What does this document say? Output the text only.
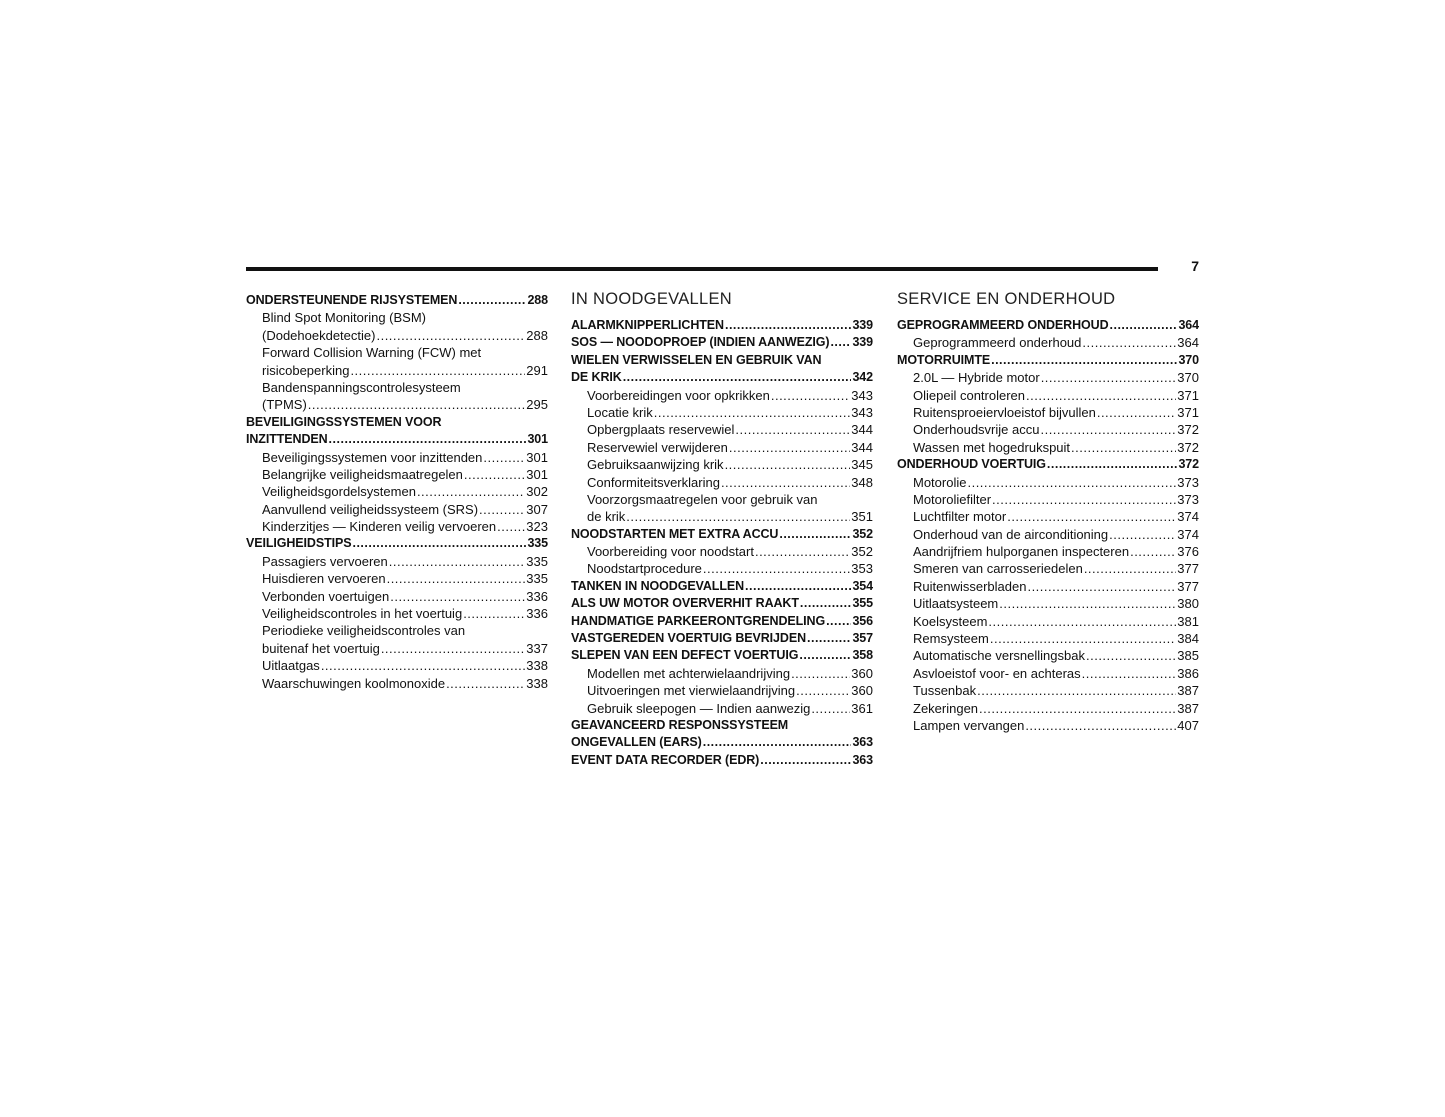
7
ONDERSTEUNENDE RIJSYSTEMEN .....	288
Blind Spot Monitoring (BSM)
(Dodehoekdetectie) .....	288
Forward Collision Warning (FCW) met
risicobeperking .....	291
Bandenspanningscontrolesysteem
(TPMS) .....	295
BEVEILIGINGSSYSTEMEN VOOR
INZITTENDEN .....	301
Beveiligingssystemen voor inzittenden .....	301
Belangrijke veiligheidsmaatregelen .....	301
Veiligheidsgordelsystemen .....	302
Aanvullend veiligheidssysteem (SRS) .....	307
Kinderzitjes — Kinderen veilig vervoeren ..... 323
VEILIGHEIDSTIPS .....	335
Passagiers vervoeren .....	335
Huisdieren vervoeren .....	335
Verbonden voertuigen .....	336
Veiligheidscontroles in het voertuig .....	336
Periodieke veiligheidscontroles van
buitenaf het voertuig .....	337
Uitlaatgas .....	338
Waarschuwingen koolmonoxide .....	338
IN NOODGEVALLEN
ALARMKNIPPERLICHTEN .....	339
SOS — NOODOPROEP (INDIEN AANWEZIG) ..... 339
WIELEN VERWISSELEN EN GEBRUIK VAN
DE KRIK .....	342
Voorbereidingen voor opkrikken .....	343
Locatie krik .....	343
Opbergplaats reservewiel .....	344
Reservewiel verwijderen .....	344
Gebruiksaanwijzing krik .....	345
Conformiteitsverklaring .....	348
Voorzorgsmaatregelen voor gebruik van
de krik .....	351
NOODSTARTEN MET EXTRA ACCU .....	352
Voorbereiding voor noodstart .....	352
Noodstartprocedure .....	353
TANKEN IN NOODGEVALLEN .....	354
ALS UW MOTOR OVERVERHIT RAAKT .....	355
HANDMATIGE PARKEERONTGRENDELING ..... 356
VASTGEREDEN VOERTUIG BEVRIJDEN .....	357
SLEPEN VAN EEN DEFECT VOERTUIG .....	358
Modellen met achterwielaandrijving .....	360
Uitvoeringen met vierwielaandrijving .....	360
Gebruik sleepogen — Indien aanwezig .....	361
GEAVANCEERD RESPONSSYSTEEM
ONGEVALLEN (EARS) .....	363
EVENT DATA RECORDER (EDR) .....	363
SERVICE EN ONDERHOUD
GEPROGRAMMEERD ONDERHOUD .....	364
Geprogrammeerd onderhoud .....	364
MOTORRUIMTE .....	370
2.0L — Hybride motor .....	370
Oliepeil controleren .....	371
Ruitensproeiervloeistof bijvullen .....	371
Onderhoudsvrije accu .....	372
Wassen met hogedrukspuit .....	372
ONDERHOUD VOERTUIG .....	372
Motorolie .....	373
Motoroliefilter .....	373
Luchtfilter motor .....	374
Onderhoud van de airconditioning .....	374
Aandrijfriem hulporganen inspecteren .....	376
Smeren van carrosseriedelen .....	377
Ruitenwisserbladen .....	377
Uitlaatsysteem .....	380
Koelsysteem .....	381
Remsysteem .....	384
Automatische versnellingsbak .....	385
Asvloeistof voor- en achteras .....	386
Tussenbak .....	387
Zekeringen .....	387
Lampen vervangen .....	407
